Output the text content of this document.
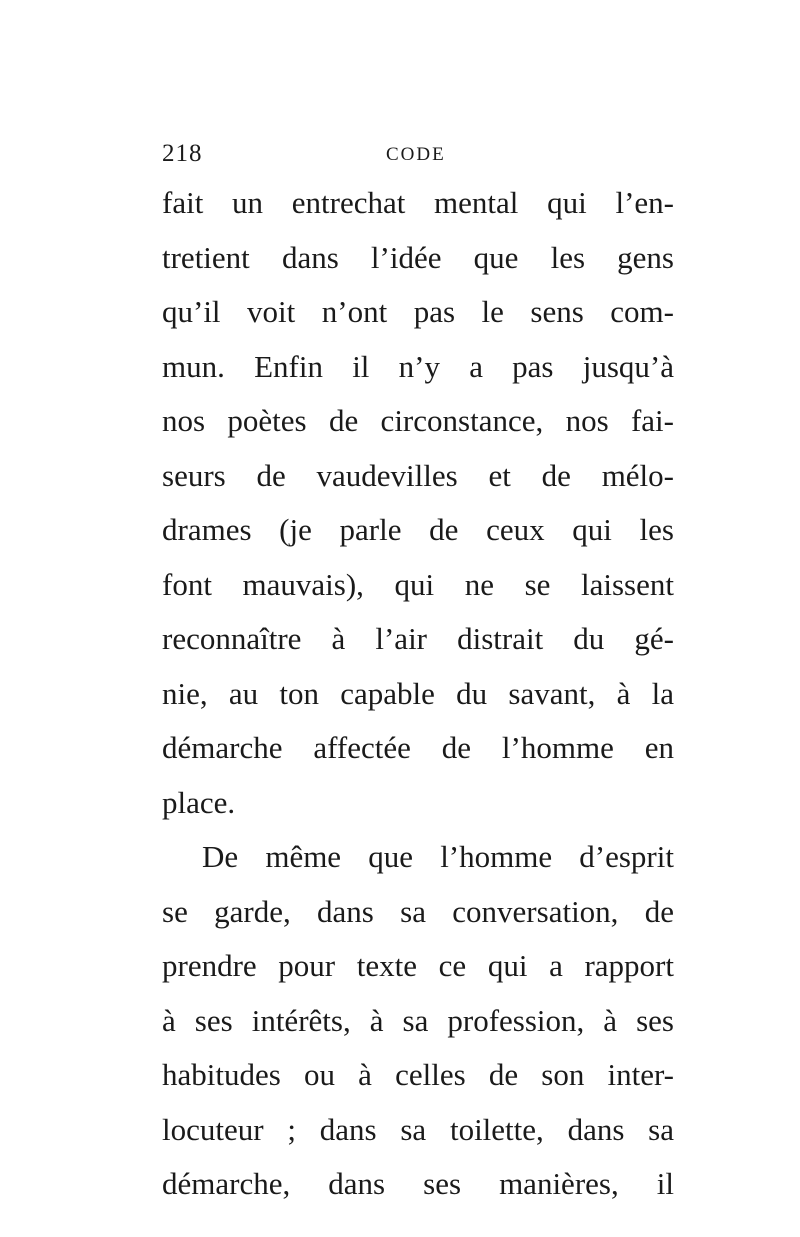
218	CODE
fait un entrechat mental qui l’en-
tretient dans l’idée que les gens
qu’il voit n’ont pas le sens com-
mun. Enfin il n’y a pas jusqu’à
nos poètes de circonstance, nos fai-
seurs de vaudevilles et de mélo-
drames (je parle de ceux qui les
font mauvais), qui ne se laissent
reconnaître à l’air distrait du gé-
nie, au ton capable du savant, à la
démarche affectée de l’homme en
place.
De même que l’homme d’esprit
se garde, dans sa conversation, de
prendre pour texte ce qui a rapport
à ses intérêts, à sa profession, à ses
habitudes ou à celles de son inter-
locuteur ; dans sa toilette, dans sa
démarche, dans ses manières, il
